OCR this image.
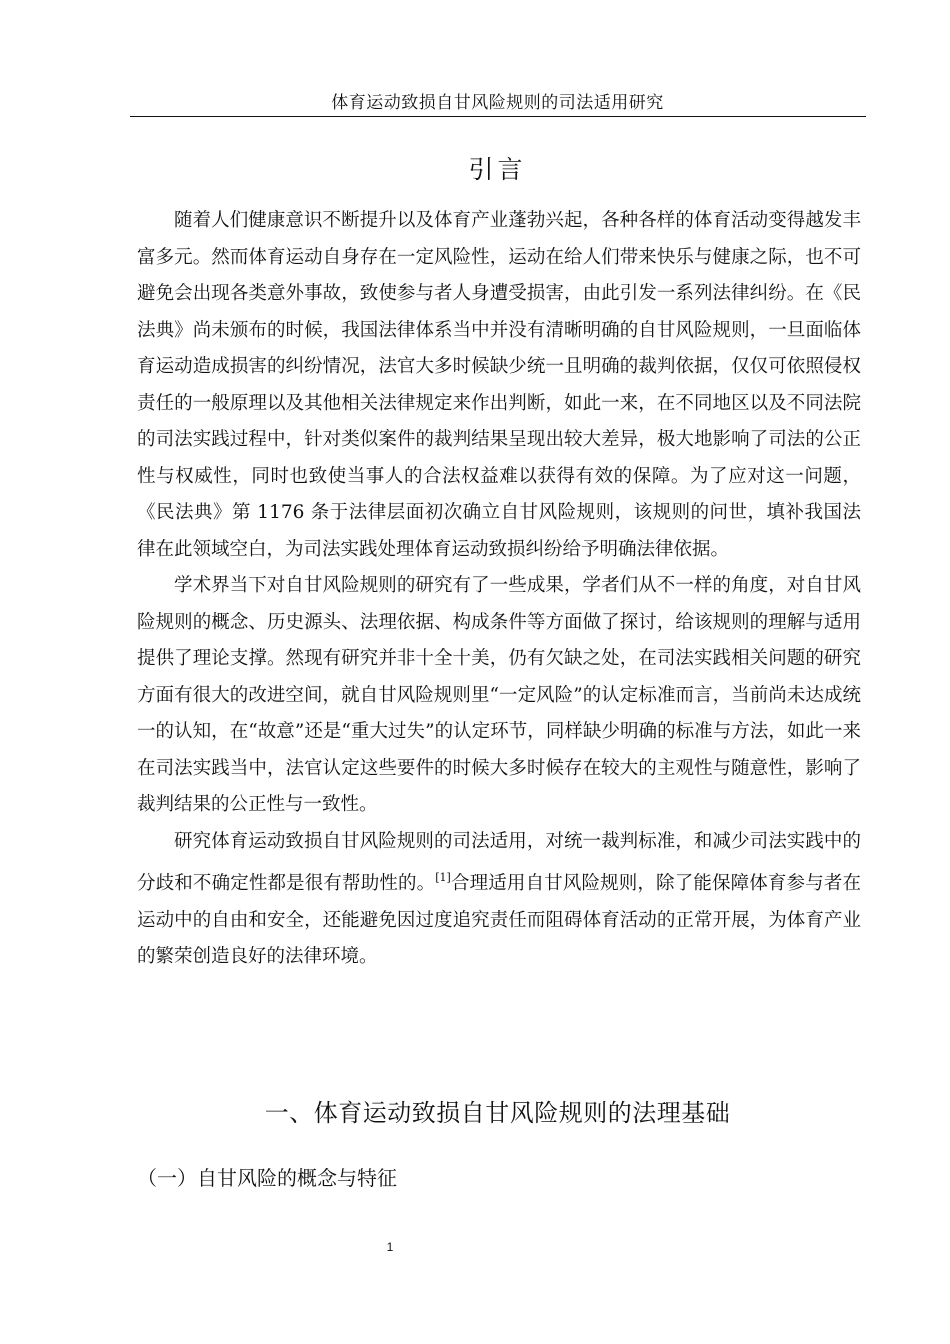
体育运动致损自甘风险规则的司法适用研究
引言

随着人们健康意识不断提升以及体育产业蓬勃兴起，各种各样的体育活动变得越发丰富多元。然而体育运动自身存在一定风险性，运动在给人们带来快乐与健康之际，也不可避免会出现各类意外事故，致使参与者人身遭受损害，由此引发一系列法律纠纷。在《民法典》尚未颁布的时候，我国法律体系当中并没有清晰明确的自甘风险规则，一旦面临体育运动造成损害的纠纷情况，法官大多时候缺少统一且明确的裁判依据，仅仅可依照侵权责任的一般原理以及其他相关法律规定来作出判断，如此一来，在不同地区以及不同法院的司法实践过程中，针对类似案件的裁判结果呈现出较大差异，极大地影响了司法的公正性与权威性，同时也致使当事人的合法权益难以获得有效的保障。为了应对这一问题，《民法典》第 1176 条于法律层面初次确立自甘风险规则，该规则的问世，填补我国法律在此领域空白，为司法实践处理体育运动致损纠纷给予明确法律依据。

学术界当下对自甘风险规则的研究有了一些成果，学者们从不一样的角度，对自甘风险规则的概念、历史源头、法理依据、构成条件等方面做了探讨，给该规则的理解与适用提供了理论支撑。然现有研究并非十全十美，仍有欠缺之处，在司法实践相关问题的研究方面有很大的改进空间，就自甘风险规则里“一定风险”的认定标准而言，当前尚未达成统一的认知，在“故意”还是“重大过失”的认定环节，同样缺少明确的标准与方法，如此一来在司法实践当中，法官认定这些要件的时候大多时候存在较大的主观性与随意性，影响了裁判结果的公正性与一致性。

研究体育运动致损自甘风险规则的司法适用，对统一裁判标准，和减少司法实践中的分歧和不确定性都是很有帮助性的。[1]合理适用自甘风险规则，除了能保障体育参与者在运动中的自由和安全，还能避免因过度追究责任而阻碍体育活动的正常开展，为体育产业的繁荣创造良好的法律环境。

一、体育运动致损自甘风险规则的法理基础
（一）自甘风险的概念与特征
1
